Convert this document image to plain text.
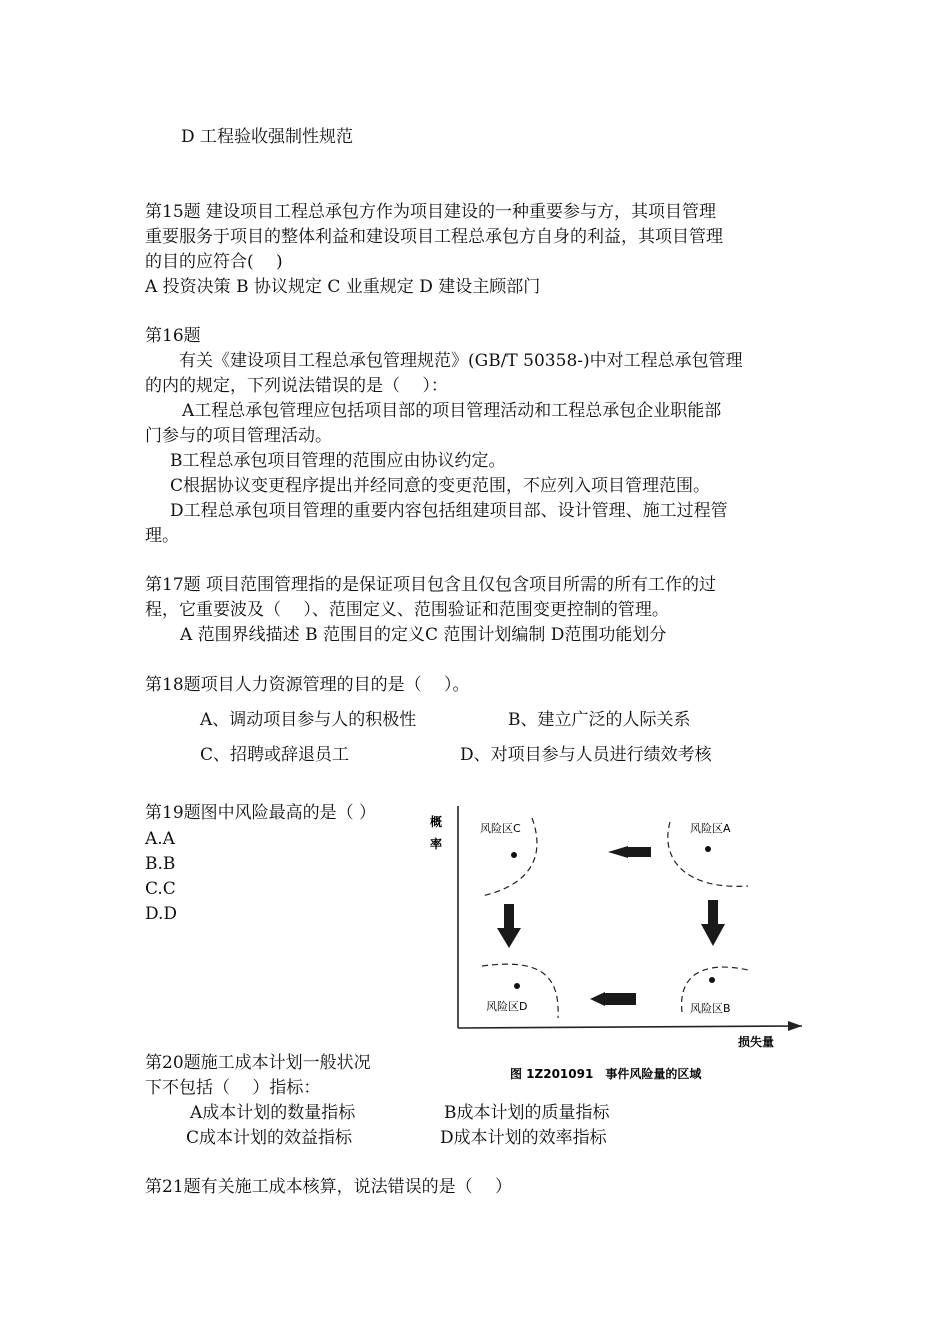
D 工程验收强制性规范
第15题 建设项目工程总承包方作为项目建设的一种重要参与方，其项目管理
重要服务于项目的整体利益和建设项目工程总承包方自身的利益，其项目管理
的目的应符合(　 )
A 投资决策 B 协议规定 C 业重规定 D 建设主顾部门
第16题
有关《建设项目工程总承包管理规范》(GB/T 50358-)中对工程总承包管理
的内的规定，下列说法错误的是（　 ）：
A工程总承包管理应包括项目部的项目管理活动和工程总承包企业职能部
门参与的项目管理活动。
B工程总承包项目管理的范围应由协议约定。
C根据协议变更程序提出并经同意的变更范围，不应列入项目管理范围。
D工程总承包项目管理的重要内容包括组建项目部、设计管理、施工过程管
理。
第17题 项目范围管理指的是保证项目包含且仅包含项目所需的所有工作的过
程，它重要波及（　 ）、范围定义、范围验证和范围变更控制的管理。
A 范围界线描述 B 范围目的定义C 范围计划编制 D范围功能划分
第18题项目人力资源管理的目的是（　 ）。
A、调动项目参与人的积极性	B、建立广泛的人际关系
C、招聘或辞退员工	D、对项目参与人员进行绩效考核
第19题图中风险最高的是（ ）
A.A
B.B
C.C
D.D
概
率
损失量
风险区C	风险区A
风险区D	风险区B
图 1Z201091　事件风险量的区域
第20题施工成本计划一般状况
下不包括（　 ）指标：
A成本计划的数量指标	B成本计划的质量指标
C成本计划的效益指标	D成本计划的效率指标
第21题有关施工成本核算，说法错误的是（　 ）
